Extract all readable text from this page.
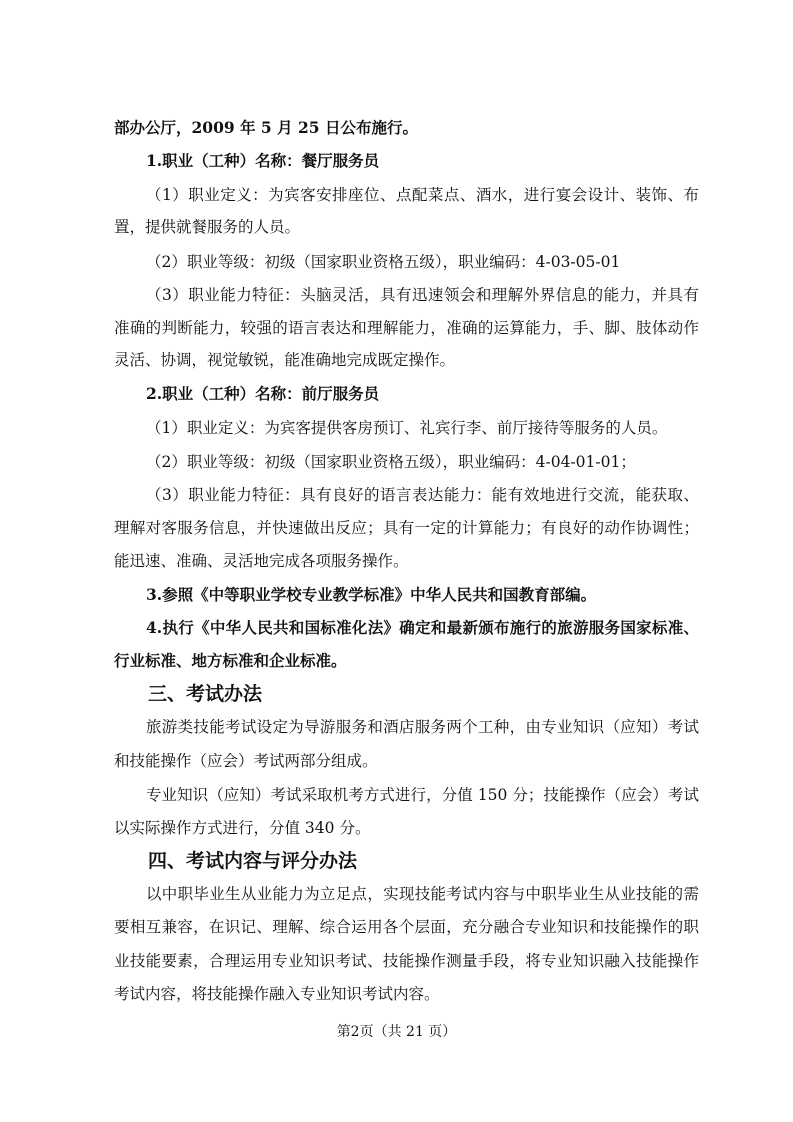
部办公厅，2009 年 5 月 25 日公布施行。
1.职业（工种）名称：餐厅服务员
（1）职业定义：为宾客安排座位、点配菜点、酒水，进行宴会设计、装饰、布
置，提供就餐服务的人员。
（2）职业等级：初级（国家职业资格五级），职业编码：4-03-05-01
（3）职业能力特征：头脑灵活，具有迅速领会和理解外界信息的能力，并具有
准确的判断能力，较强的语言表达和理解能力，准确的运算能力，手、脚、肢体动作
灵活、协调，视觉敏锐，能准确地完成既定操作。
2.职业（工种）名称：前厅服务员
（1）职业定义：为宾客提供客房预订、礼宾行李、前厅接待等服务的人员。
（2）职业等级：初级（国家职业资格五级），职业编码：4-04-01-01；
（3）职业能力特征：具有良好的语言表达能力：能有效地进行交流，能获取、
理解对客服务信息，并快速做出反应；具有一定的计算能力；有良好的动作协调性；
能迅速、准确、灵活地完成各项服务操作。
3.参照《中等职业学校专业教学标准》中华人民共和国教育部编。
4.执行《中华人民共和国标准化法》确定和最新颁布施行的旅游服务国家标准、
行业标准、地方标准和企业标准。
三、考试办法
旅游类技能考试设定为导游服务和酒店服务两个工种，由专业知识（应知）考试
和技能操作（应会）考试两部分组成。
专业知识（应知）考试采取机考方式进行，分值 150 分；技能操作（应会）考试
以实际操作方式进行，分值 340 分。
四、考试内容与评分办法
以中职毕业生从业能力为立足点，实现技能考试内容与中职毕业生从业技能的需
要相互兼容，在识记、理解、综合运用各个层面，充分融合专业知识和技能操作的职
业技能要素，合理运用专业知识考试、技能操作测量手段，将专业知识融入技能操作
考试内容，将技能操作融入专业知识考试内容。
第2页（共 21 页）
